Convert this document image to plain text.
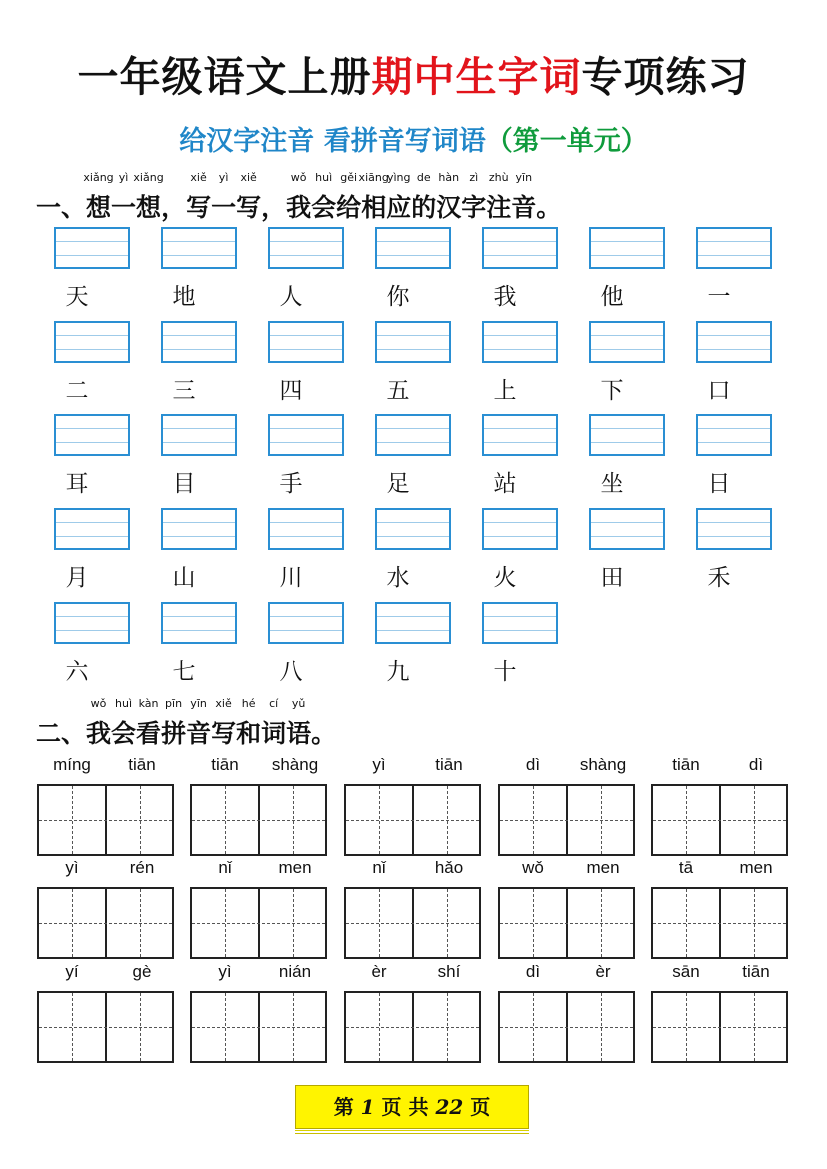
一年级语文上册期中生字词专项练习
给汉字注音 看拼音写词语（第一单元）
一、想
xiǎng
一
yì
想
xiǎng
，写
xiě
一
yì
写
xiě
，我
wǒ
会
huì
给
gěi
相
xiāng
应
yìng
的
de
汉
hàn
字
zì
注
zhù
音
yīn
。
天	地	人	你	我	他	一
二	三	四	五	上	下	口
耳	目	手	足	站	坐	日
月	山	川	水	火	田	禾
六	七	八	九	十
二、我
wǒ
会
huì
看
kàn
拼
pīn
音
yīn
写
xiě
和
hé
词
cí
语
yǔ
。
míng	tiān	tiān	shàng	yì	tiān	dì	shàng	tiān	dì
yì	rén	nǐ	men	nǐ	hǎo	wǒ	men	tā	men
yí	gè	yì	nián	èr	shí	dì	èr	sān	tiān
第 1 页 共 22 页
